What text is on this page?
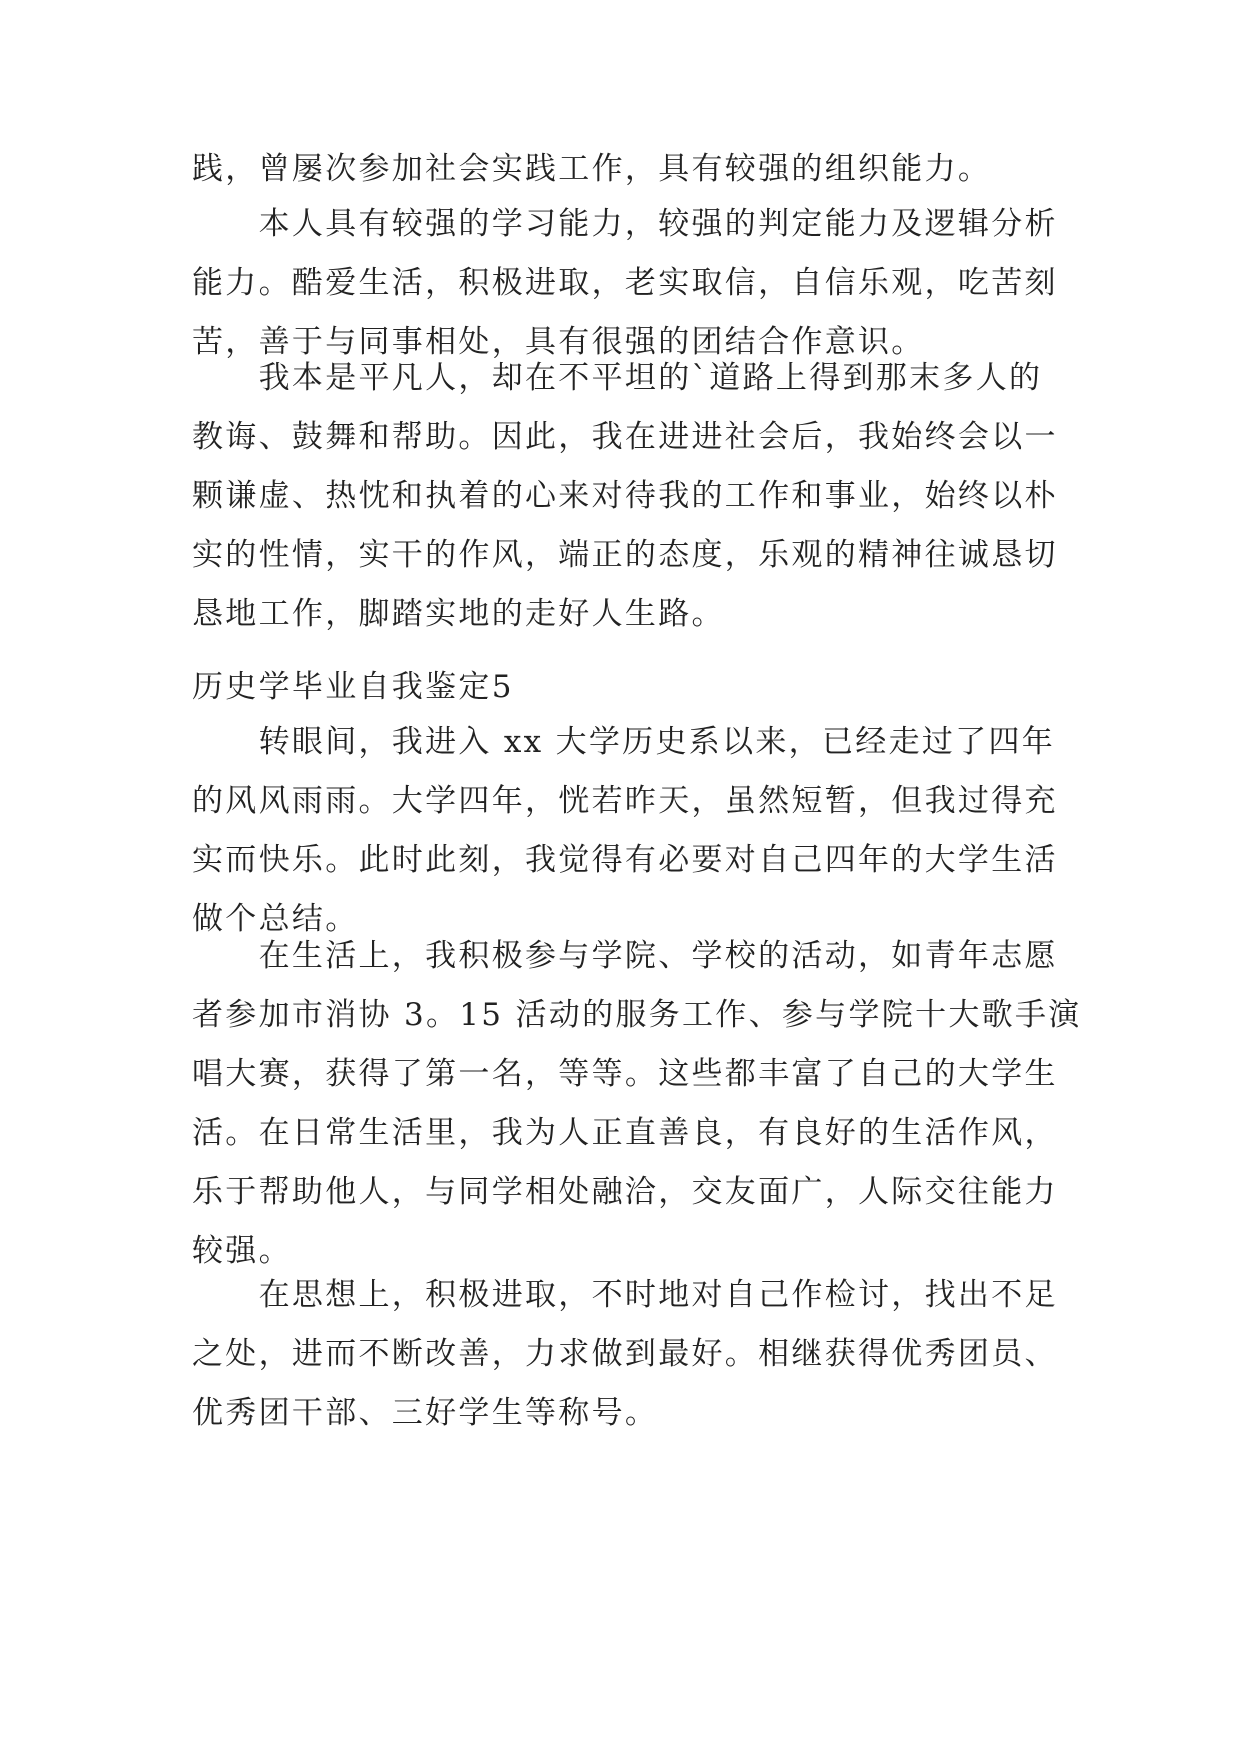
践，曾屡次参加社会实践工作，具有较强的组织能力。
　　本人具有较强的学习能力，较强的判定能力及逻辑分析
能力。酷爱生活，积极进取，老实取信，自信乐观，吃苦刻
苦，善于与同事相处，具有很强的团结合作意识。
　　我本是平凡人，却在不平坦的`道路上得到那末多人的
教诲、鼓舞和帮助。因此，我在进进社会后，我始终会以一
颗谦虚、热忱和执着的心来对待我的工作和事业，始终以朴
实的性情，实干的作风，端正的态度，乐观的精神往诚恳切
恳地工作，脚踏实地的走好人生路。
历史学毕业自我鉴定5
　　转眼间，我进入 xx 大学历史系以来，已经走过了四年
的风风雨雨。大学四年，恍若昨天，虽然短暂，但我过得充
实而快乐。此时此刻，我觉得有必要对自己四年的大学生活
做个总结。
　　在生活上，我积极参与学院、学校的活动，如青年志愿
者参加市消协 3。15 活动的服务工作、参与学院十大歌手演
唱大赛，获得了第一名，等等。这些都丰富了自己的大学生
活。在日常生活里，我为人正直善良，有良好的生活作风，
乐于帮助他人，与同学相处融洽，交友面广，人际交往能力
较强。
　　在思想上，积极进取，不时地对自己作检讨，找出不足
之处，进而不断改善，力求做到最好。相继获得优秀团员、
优秀团干部、三好学生等称号。
